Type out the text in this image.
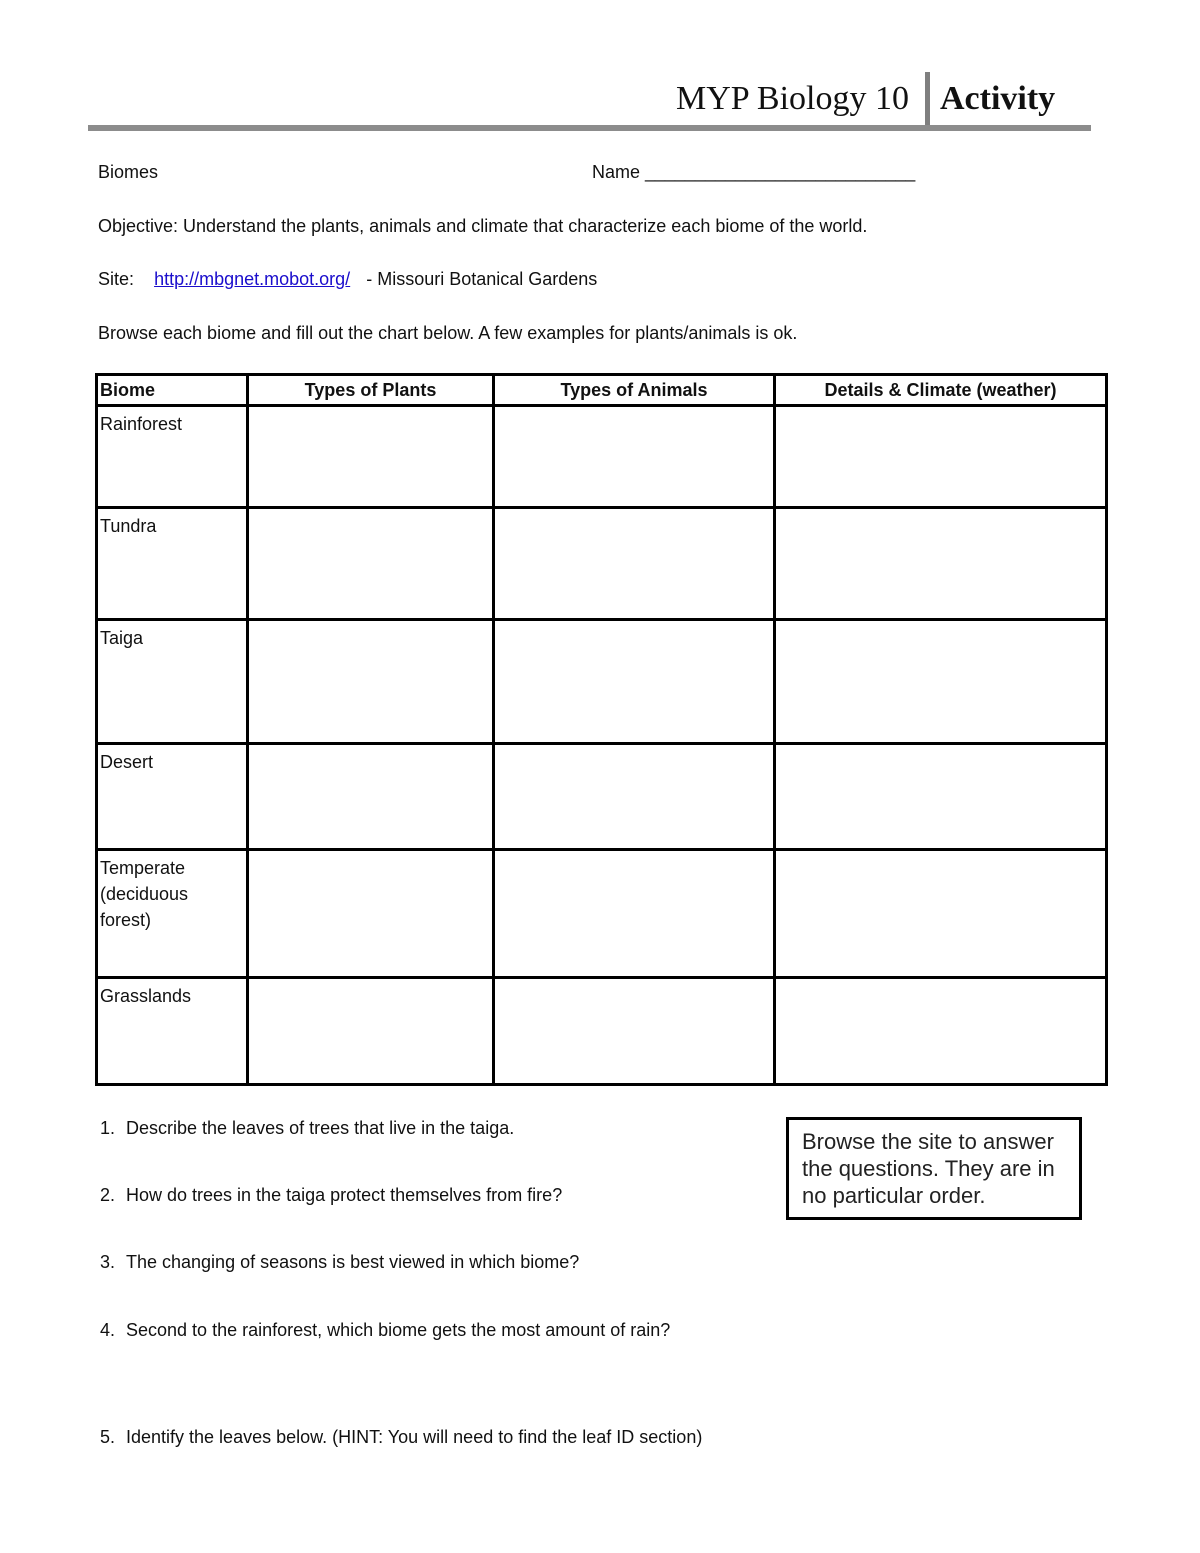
MYP Biology 10 Activity
Biomes	Name ___________________________
Objective: Understand the plants, animals and climate that characterize each biome of the world.
Site: http://mbgnet.mobot.org/  - Missouri Botanical Gardens
Browse each biome and fill out the chart below. A few examples for plants/animals is ok.
Biome	Types of Plants	Types of Animals	Details & Climate (weather)
Rainforest			
Tundra			
Taiga			
Desert			
Temperate (deciduous forest)			
Grasslands			
1. Describe the leaves of trees that live in the taiga.
2. How do trees in the taiga protect themselves from fire?
3. The changing of seasons is best viewed in which biome?
4. Second to the rainforest, which biome gets the most amount of rain?
5. Identify the leaves below. (HINT: You will need to find the leaf ID section)
Browse the site to answer the questions. They are in no particular order.
